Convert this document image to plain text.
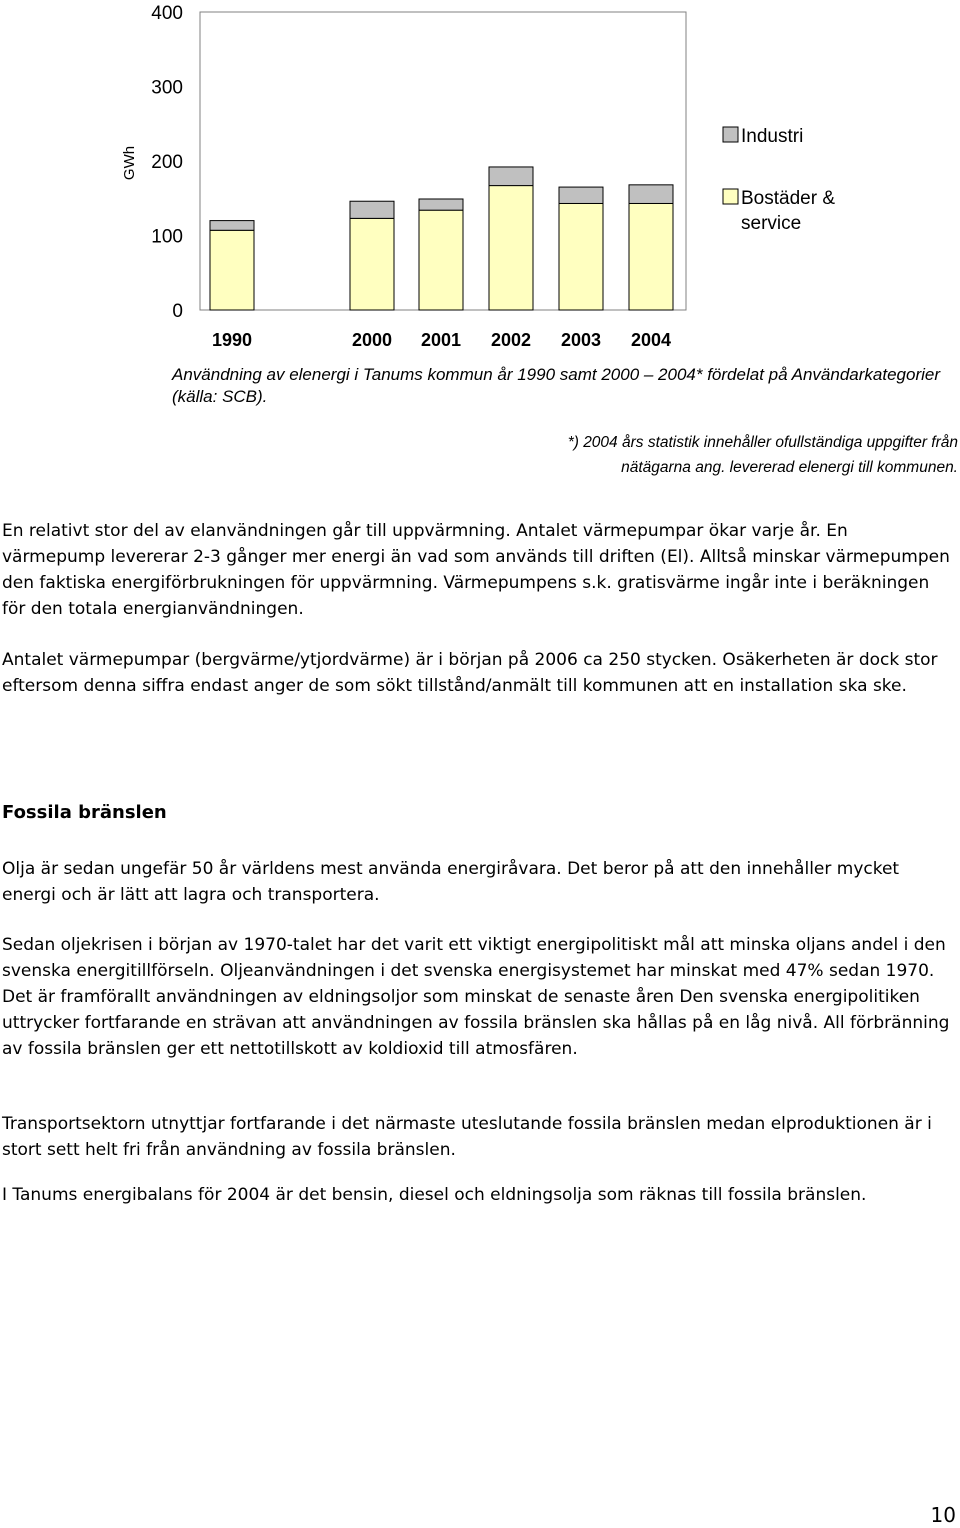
0
100
200
300
400
1990	2000 2001 2002 2003 2004
GWh
Industri
Bostäder & service

Användning av elenergi i Tanums kommun år 1990 samt 2000 – 2004* fördelat på Användarkategorier (källa: SCB).

*) 2004 års statistik innehåller ofullständiga uppgifter från nätägarna ang. levererad elenergi till kommunen.

En relativt stor del av elanvändningen går till uppvärmning. Antalet värmepumpar ökar varje år. En värmepump levererar 2-3 gånger mer energi än vad som används till driften (El). Alltså minskar värmepumpen den faktiska energiförbrukningen för uppvärmning. Värmepumpens s.k. gratisvärme ingår inte i beräkningen för den totala energianvändningen.

Antalet värmepumpar (bergvärme/ytjordvärme) är i början på 2006 ca 250 stycken. Osäkerheten är dock stor eftersom denna siffra endast anger de som sökt tillstånd/anmält till kommunen att en installation ska ske.

Fossila bränslen

Olja är sedan ungefär 50 år världens mest använda energiråvara. Det beror på att den innehåller mycket energi och är lätt att lagra och transportera.

Sedan oljekrisen i början av 1970-talet har det varit ett viktigt energipolitiskt mål att minska oljans andel i den svenska energitillförseln. Oljeanvändningen i det svenska energisystemet har minskat med 47% sedan 1970. Det är framförallt användningen av eldningsoljor som minskat de senaste åren Den svenska energipolitiken uttrycker fortfarande en strävan att användningen av fossila bränslen ska hållas på en låg nivå. All förbränning av fossila bränslen ger ett nettotillskott av koldioxid till atmosfären.

Transportsektorn utnyttjar fortfarande i det närmaste uteslutande fossila bränslen medan elproduktionen är i stort sett helt fri från användning av fossila bränslen.

I Tanums energibalans för 2004 är det bensin, diesel och eldningsolja som räknas till fossila bränslen.

10
